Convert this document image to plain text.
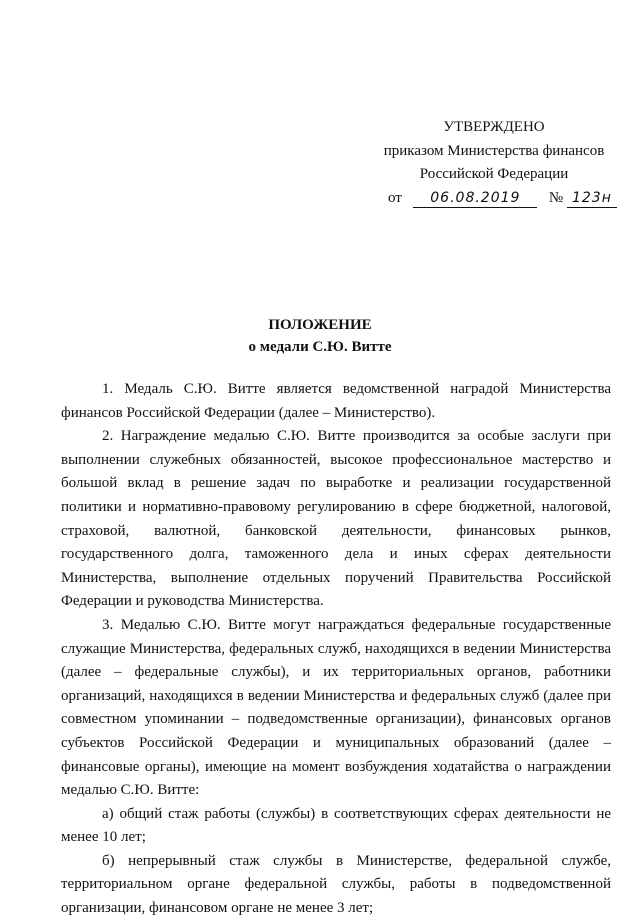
УТВЕРЖДЕНО
приказом Министерства финансов
Российской Федерации
от 06.08.2019 № 123н
ПОЛОЖЕНИЕ
о медали С.Ю. Витте

1. Медаль С.Ю. Витте является ведомственной наградой Министерства финансов Российской Федерации (далее – Министерство).

2. Награждение медалью С.Ю. Витте производится за особые заслуги при выполнении служебных обязанностей, высокое профессиональное мастерство и большой вклад в решение задач по выработке и реализации государственной политики и нормативно-правовому регулированию в сфере бюджетной, налоговой, страховой, валютной, банковской деятельности, финансовых рынков, государственного долга, таможенного дела и иных сферах деятельности Министерства, выполнение отдельных поручений Правительства Российской Федерации и руководства Министерства.

3. Медалью С.Ю. Витте могут награждаться федеральные государственные служащие Министерства, федеральных служб, находящихся в ведении Министерства (далее – федеральные службы), и их территориальных органов, работники организаций, находящихся в ведении Министерства и федеральных служб (далее при совместном упоминании – подведомственные организации), финансовых органов субъектов Российской Федерации и муниципальных образований (далее – финансовые органы), имеющие на момент возбуждения ходатайства о награждении медалью С.Ю. Витте:

а) общий стаж работы (службы) в соответствующих сферах деятельности не менее 10 лет;

б) непрерывный стаж службы в Министерстве, федеральной службе, территориальном органе федеральной службы, работы в подведомственной организации, финансовом органе не менее 3 лет;
